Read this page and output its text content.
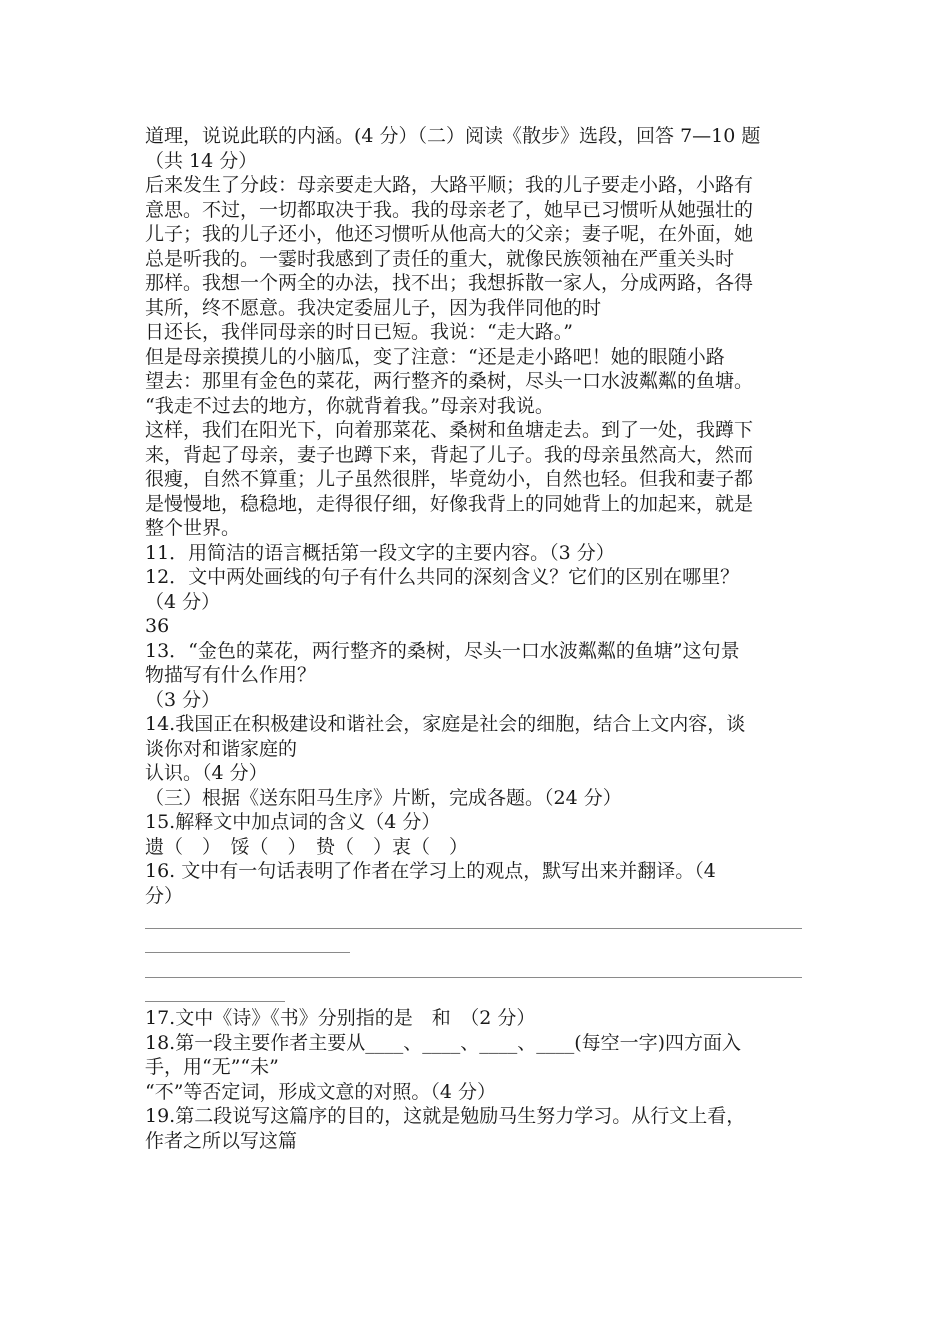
道理，说说此联的内涵。(4 分）（二）阅读《散步》选段，回答 7—10 题
（共 14 分）
后来发生了分歧：母亲要走大路，大路平顺；我的儿子要走小路，小路有
意思。不过，一切都取决于我。我的母亲老了，她早已习惯听从她强壮的
儿子；我的儿子还小，他还习惯听从他高大的父亲；妻子呢，在外面，她
总是听我的。一霎时我感到了责任的重大，就像民族领袖在严重关头时
那样。我想一个两全的办法，找不出；我想拆散一家人，分成两路，各得
其所，终不愿意。我决定委屈儿子，因为我伴同他的时
日还长，我伴同母亲的时日已短。我说：“走大路。”
但是母亲摸摸儿的小脑瓜，变了注意：“还是走小路吧！她的眼随小路
望去：那里有金色的菜花，两行整齐的桑树，尽头一口水波粼粼的鱼塘。
“我走不过去的地方，你就背着我。”母亲对我说。
这样，我们在阳光下，向着那菜花、桑树和鱼塘走去。到了一处，我蹲下
来，背起了母亲，妻子也蹲下来，背起了儿子。我的母亲虽然高大，然而
很瘦，自然不算重；儿子虽然很胖，毕竟幼小，自然也轻。但我和妻子都
是慢慢地，稳稳地，走得很仔细，好像我背上的同她背上的加起来，就是
整个世界。
11．用简洁的语言概括第一段文字的主要内容。（3 分）
12．文中两处画线的句子有什么共同的深刻含义？它们的区别在哪里？
（4 分）
36
13．“金色的菜花，两行整齐的桑树，尽头一口水波粼粼的鱼塘”这句景
物描写有什么作用？
（3 分）
14.我国正在积极建设和谐社会，家庭是社会的细胞，结合上文内容，谈
谈你对和谐家庭的
认识。（4 分）
（三）根据《送东阳马生序》片断，完成各题。（24 分）
15.解释文中加点词的含义（4 分）
遗（　）　馁（　）　贽（　）衷（　）
16. 文中有一句话表明了作者在学习上的观点，默写出来并翻译。（4
分）
17.文中《诗》《书》分别指的是　和　（2 分）
18.第一段主要作者主要从____、____、____、____(每空一字)四方面入
手，用“无”“未”
“不”等否定词，形成文意的对照。（4 分）
19.第二段说写这篇序的目的，这就是勉励马生努力学习。从行文上看，
作者之所以写这篇
